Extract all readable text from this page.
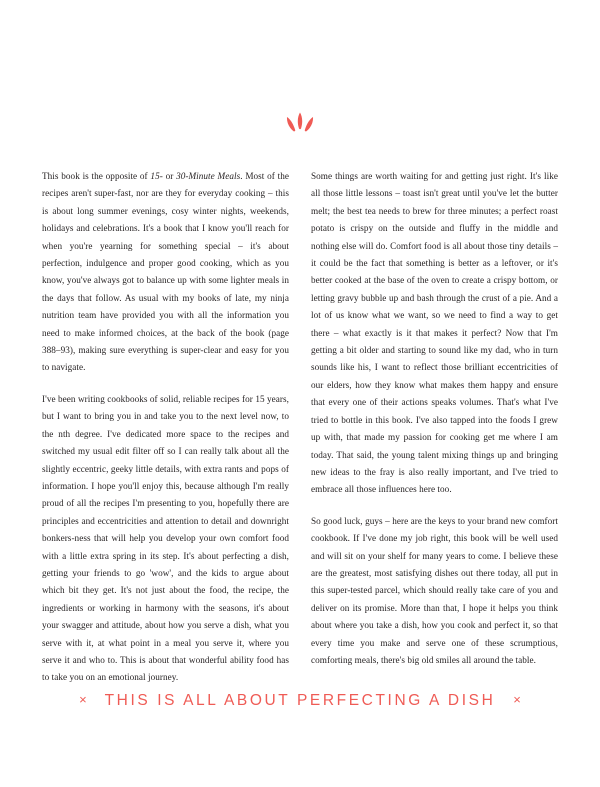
This book is the opposite of 15- or 30-Minute Meals. Most of the recipes aren't super-fast, nor are they for everyday cooking – this is about long summer evenings, cosy winter nights, weekends, holidays and celebrations. It's a book that I know you'll reach for when you're yearning for something special – it's about perfection, indulgence and proper good cooking, which as you know, you've always got to balance up with some lighter meals in the days that follow. As usual with my books of late, my ninja nutrition team have provided you with all the information you need to make informed choices, at the back of the book (page 388–93), making sure everything is super-clear and easy for you to navigate.

I've been writing cookbooks of solid, reliable recipes for 15 years, but I want to bring you in and take you to the next level now, to the nth degree. I've dedicated more space to the recipes and switched my usual edit filter off so I can really talk about all the slightly eccentric, geeky little details, with extra rants and pops of information. I hope you'll enjoy this, because although I'm really proud of all the recipes I'm presenting to you, hopefully there are principles and eccentricities and attention to detail and downright bonkers-ness that will help you develop your own comfort food with a little extra spring in its step. It's about perfecting a dish, getting your friends to go 'wow', and the kids to argue about which bit they get. It's not just about the food, the recipe, the ingredients or working in harmony with the seasons, it's about your swagger and attitude, about how you serve a dish, what you serve with it, at what point in a meal you serve it, where you serve it and who to. This is about that wonderful ability food has to take you on an emotional journey.

Some things are worth waiting for and getting just right. It's like all those little lessons – toast isn't great until you've let the butter melt; the best tea needs to brew for three minutes; a perfect roast potato is crispy on the outside and fluffy in the middle and nothing else will do. Comfort food is all about those tiny details – it could be the fact that something is better as a leftover, or it's better cooked at the base of the oven to create a crispy bottom, or letting gravy bubble up and bash through the crust of a pie. And a lot of us know what we want, so we need to find a way to get there – what exactly is it that makes it perfect? Now that I'm getting a bit older and starting to sound like my dad, who in turn sounds like his, I want to reflect those brilliant eccentricities of our elders, how they know what makes them happy and ensure that every one of their actions speaks volumes. That's what I've tried to bottle in this book. I've also tapped into the foods I grew up with, that made my passion for cooking get me where I am today. That said, the young talent mixing things up and bringing new ideas to the fray is also really important, and I've tried to embrace all those influences here too.

So good luck, guys – here are the keys to your brand new comfort cookbook. If I've done my job right, this book will be well used and will sit on your shelf for many years to come. I believe these are the greatest, most satisfying dishes out there today, all put in this super-tested parcel, which should really take care of you and deliver on its promise. More than that, I hope it helps you think about where you take a dish, how you cook and perfect it, so that every time you make and serve one of these scrumptious, comforting meals, there's big old smiles all around the table.

× THIS IS ALL ABOUT PERFECTING A DISH ×
